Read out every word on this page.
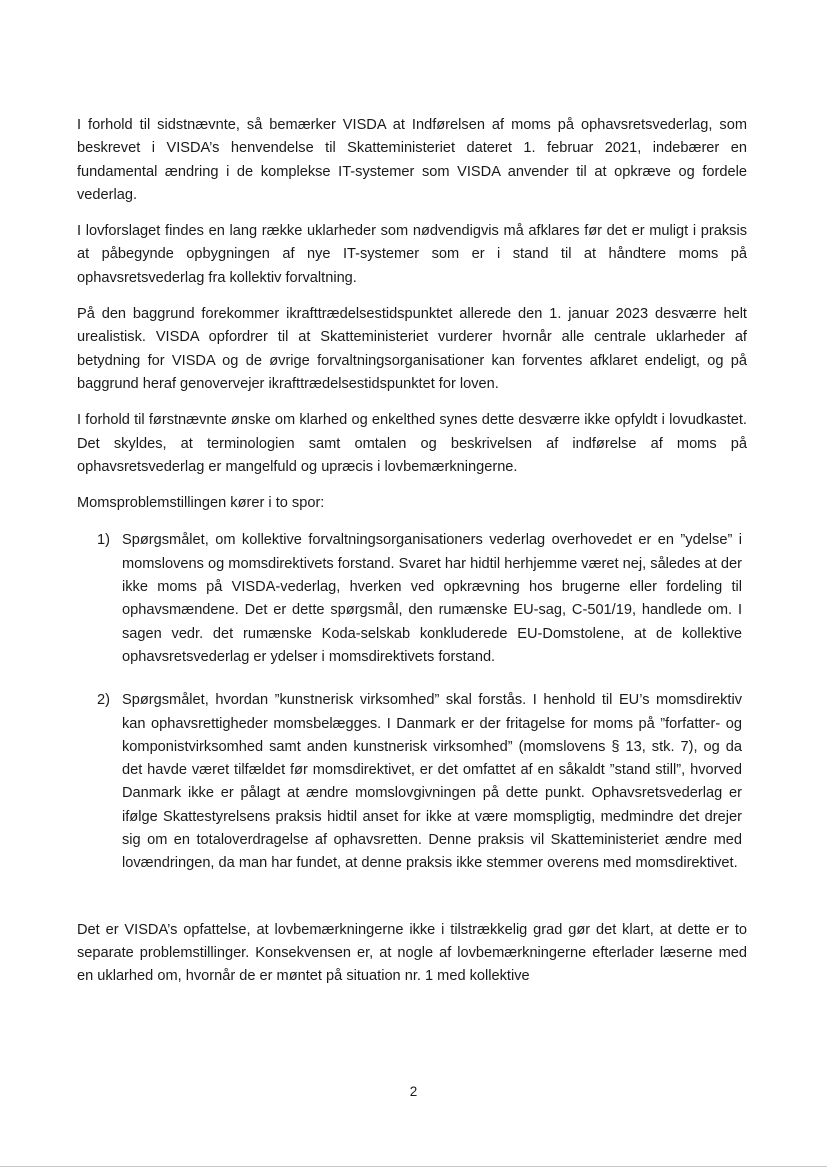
I forhold til sidstnævnte, så bemærker VISDA at Indførelsen af moms på ophavsretsvederlag, som beskrevet i VISDA’s henvendelse til Skatteministeriet dateret 1. februar 2021, indebærer en fundamental ændring i de komplekse IT-systemer som VISDA anvender til at opkræve og fordele vederlag.

I lovforslaget findes en lang række uklarheder som nødvendigvis må afklares før det er muligt i praksis at påbegynde opbygningen af nye IT-systemer som er i stand til at håndtere moms på ophavsretsvederlag fra kollektiv forvaltning.

På den baggrund forekommer ikrafttrædelsestidspunktet allerede den 1. januar 2023 desværre helt urealistisk. VISDA opfordrer til at Skatteministeriet vurderer hvornår alle centrale uklarheder af betydning for VISDA og de øvrige forvaltningsorganisationer kan forventes afklaret endeligt, og på baggrund heraf genovervejer ikrafttrædelsestidspunktet for loven.

I forhold til førstnævnte ønske om klarhed og enkelthed synes dette desværre ikke opfyldt i lovudkastet. Det skyldes, at terminologien samt omtalen og beskrivelsen af indførelse af moms på ophavsretsvederlag er mangelfuld og upræcis i lovbemærkningerne.

Momsproblemstillingen kører i to spor:

1) Spørgsmålet, om kollektive forvaltningsorganisationers vederlag overhovedet er en ”ydelse” i momslovens og momsdirektivets forstand. Svaret har hidtil herhjemme været nej, således at der ikke moms på VISDA-vederlag, hverken ved opkrævning hos brugerne eller fordeling til ophavsmændene. Det er dette spørgsmål, den rumænske EU-sag, C-501/19, handlede om. I sagen vedr. det rumænske Koda-selskab konkluderede EU-Domstolene, at de kollektive ophavsretsvederlag er ydelser i momsdirektivets forstand.
2) Spørgsmålet, hvordan ”kunstnerisk virksomhed” skal forstås. I henhold til EU’s momsdirektiv kan ophavsrettigheder momsbelægges. I Danmark er der fritagelse for moms på ”forfatter- og komponistvirksomhed samt anden kunstnerisk virksomhed” (momslovens § 13, stk. 7), og da det havde været tilfældet før momsdirektivet, er det omfattet af en såkaldt ”stand still”, hvorved Danmark ikke er pålagt at ændre momslovgivningen på dette punkt. Ophavsretsvederlag er ifølge Skattestyrelsens praksis hidtil anset for ikke at være momspligtig, medmindre det drejer sig om en totaloverdragelse af ophavsretten. Denne praksis vil Skatteministeriet ændre med lovændringen, da man har fundet, at denne praksis ikke stemmer overens med momsdirektivet.

Det er VISDA’s opfattelse, at lovbemærkningerne ikke i tilstrækkelig grad gør det klart, at dette er to separate problemstillinger. Konsekvensen er, at nogle af lovbemærkningerne efterlader læserne med en uklarhed om, hvornår de er møntet på situation nr. 1 med kollektive

2
